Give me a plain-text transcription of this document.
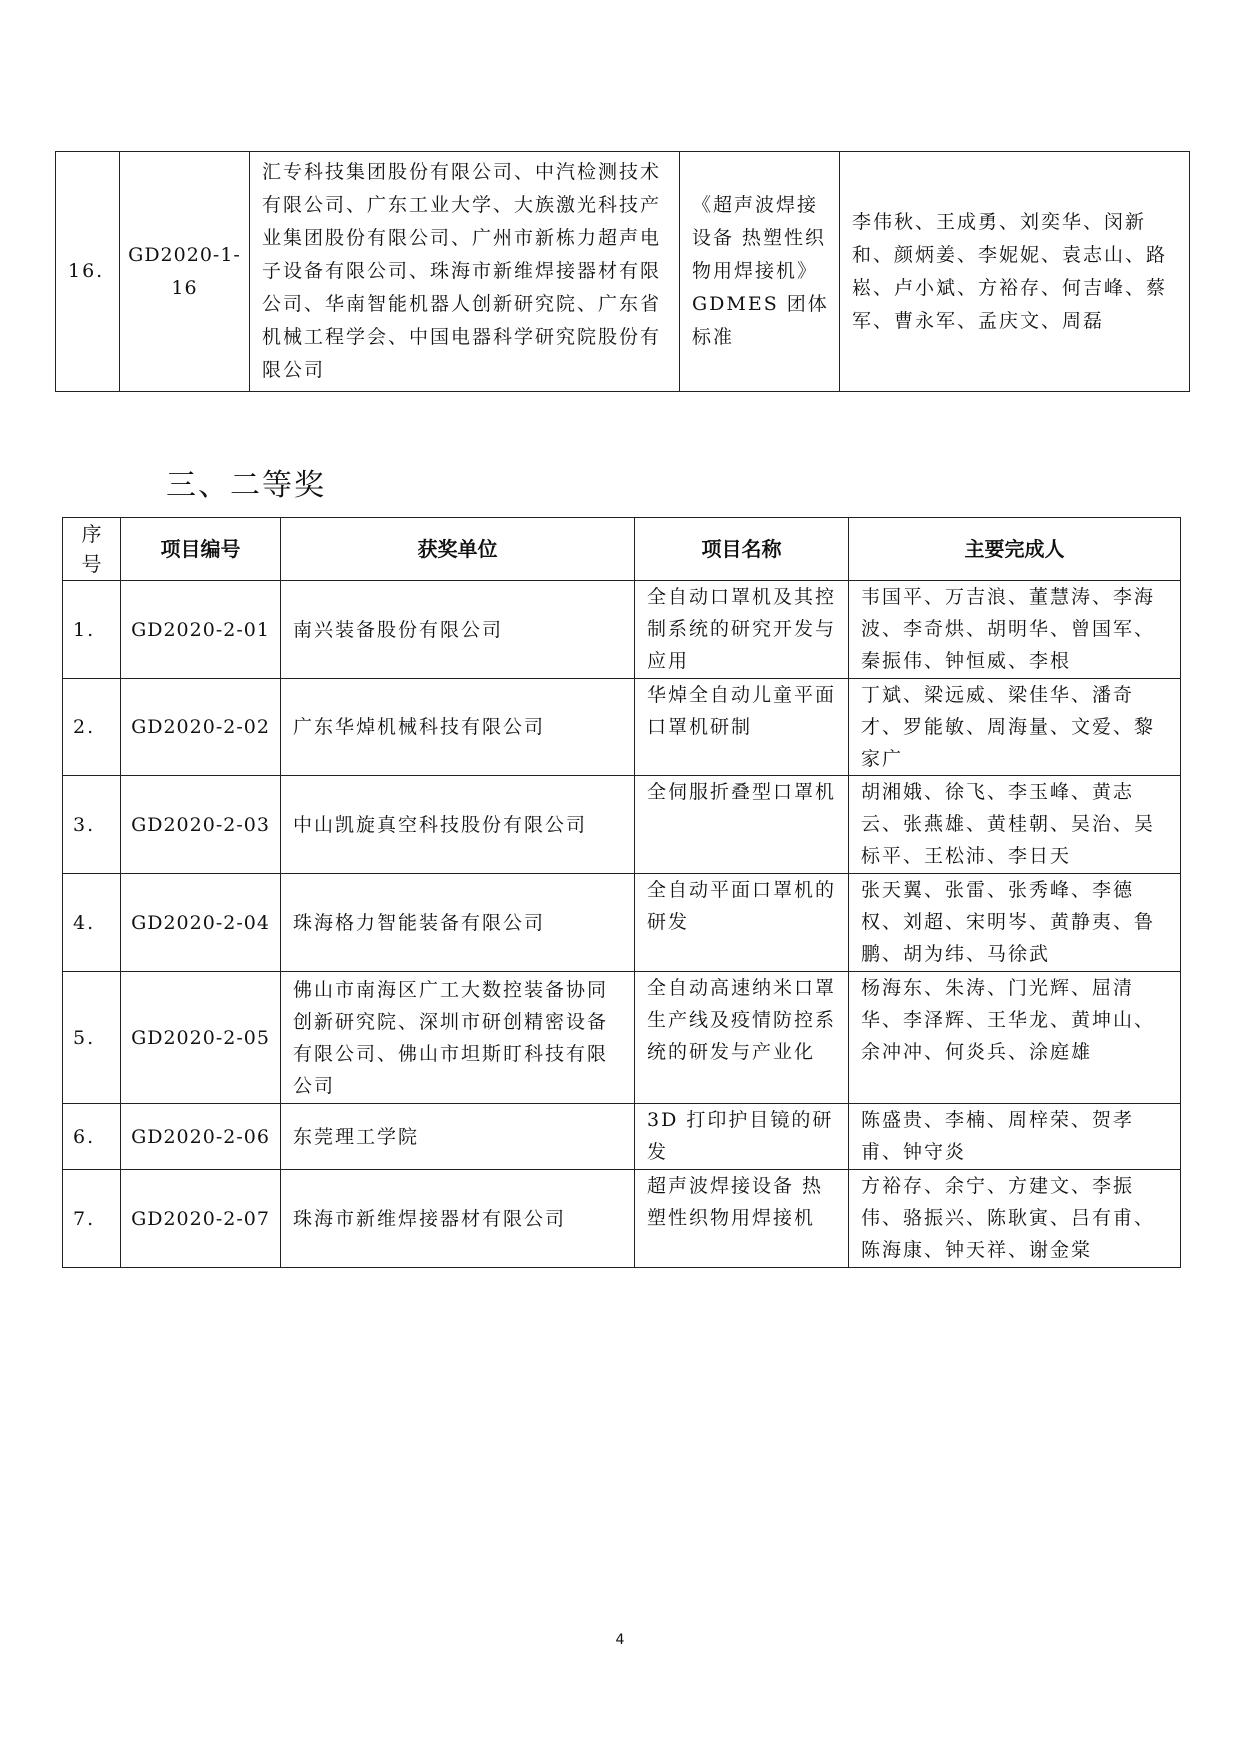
16.	GD2020-1-16	汇专科技集团股份有限公司、中汽检测技术有限公司、广东工业大学、大族激光科技产业集团股份有限公司、广州市新栋力超声电子设备有限公司、珠海市新维焊接器材有限公司、华南智能机器人创新研究院、广东省机械工程学会、中国电器科学研究院股份有限公司	《超声波焊接设备 热塑性织物用焊接机》GDMES 团体标准	李伟秋、王成勇、刘奕华、闵新和、颜炳姜、李妮妮、袁志山、路崧、卢小斌、方裕存、何吉峰、蔡军、曹永军、孟庆文、周磊
三、二等奖
序号	项目编号	获奖单位	项目名称	主要完成人
1.	GD2020-2-01	南兴装备股份有限公司	全自动口罩机及其控制系统的研究开发与应用	韦国平、万吉浪、董慧涛、李海波、李奇烘、胡明华、曾国军、秦振伟、钟恒威、李根
2.	GD2020-2-02	广东华焯机械科技有限公司	华焯全自动儿童平面口罩机研制	丁斌、梁远威、梁佳华、潘奇才、罗能敏、周海量、文爱、黎家广
3.	GD2020-2-03	中山凯旋真空科技股份有限公司	全伺服折叠型口罩机	胡湘娥、徐飞、李玉峰、黄志云、张燕雄、黄桂朝、吴治、吴标平、王松沛、李日天
4.	GD2020-2-04	珠海格力智能装备有限公司	全自动平面口罩机的研发	张天翼、张雷、张秀峰、李德权、刘超、宋明岑、黄静夷、鲁鹏、胡为纬、马徐武
5.	GD2020-2-05	佛山市南海区广工大数控装备协同创新研究院、深圳市研创精密设备有限公司、佛山市坦斯盯科技有限公司	全自动高速纳米口罩生产线及疫情防控系统的研发与产业化	杨海东、朱涛、门光辉、屈清华、李泽辉、王华龙、黄坤山、余冲冲、何炎兵、涂庭雄
6.	GD2020-2-06	东莞理工学院	3D 打印护目镜的研发	陈盛贵、李楠、周梓荣、贺孝甫、钟守炎
7.	GD2020-2-07	珠海市新维焊接器材有限公司	超声波焊接设备 热塑性织物用焊接机	方裕存、余宁、方建文、李振伟、骆振兴、陈耿寅、吕有甫、 陈海康、钟天祥、谢金棠
4
